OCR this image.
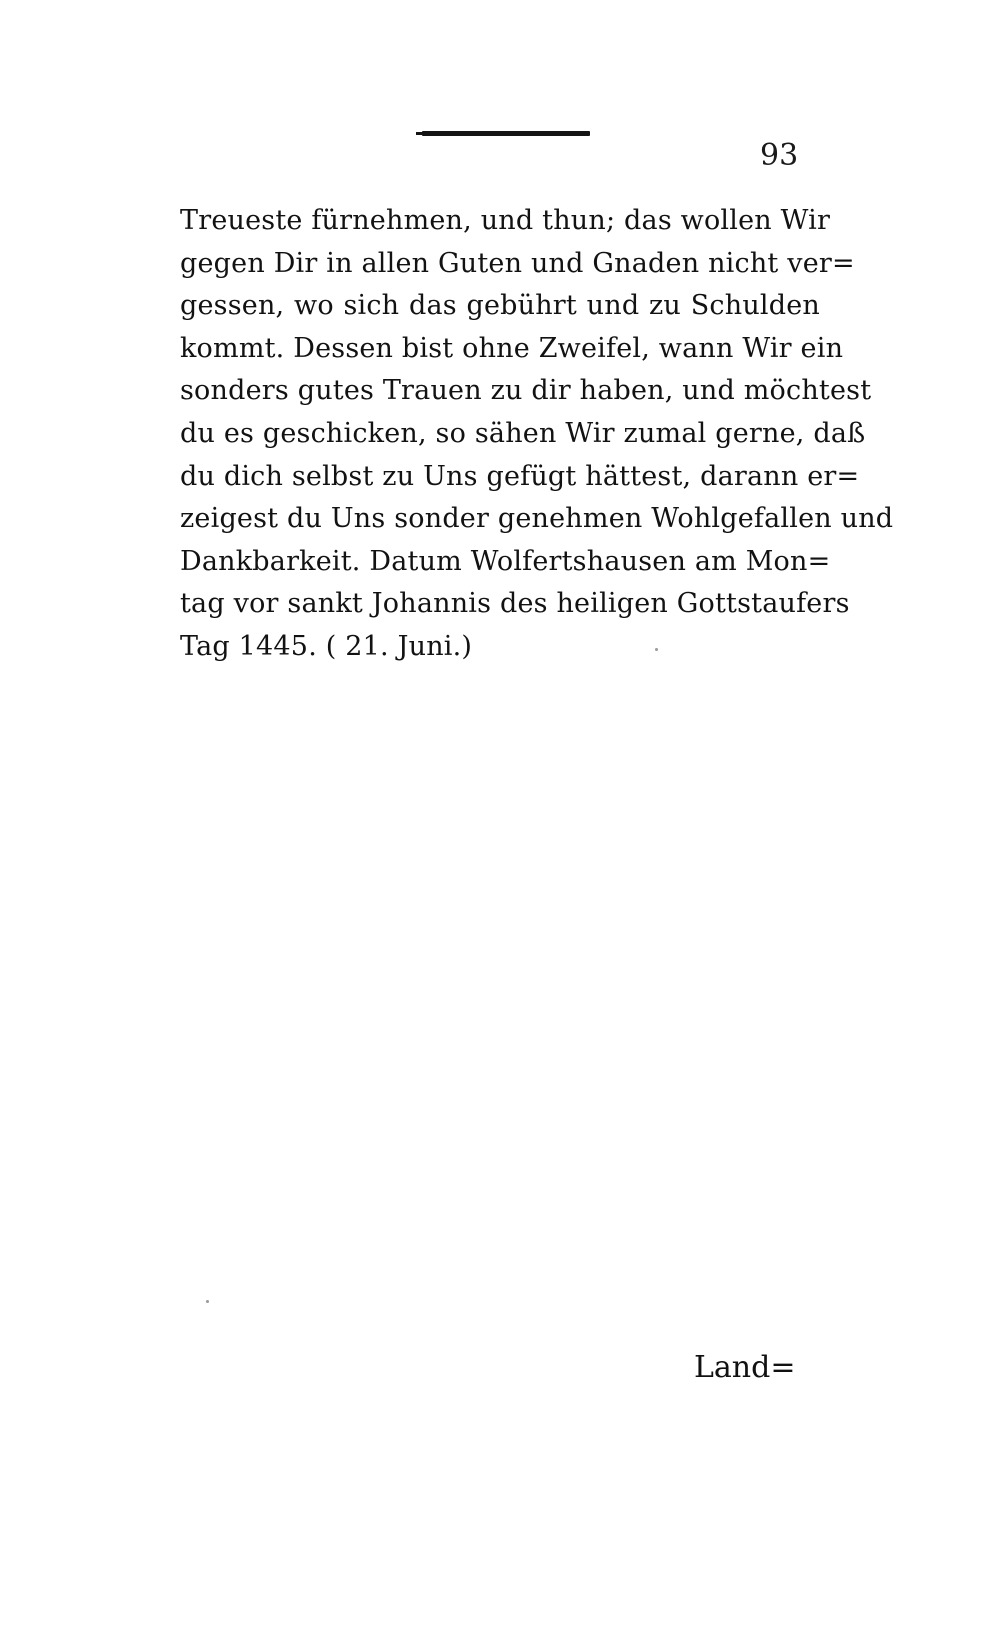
93
Treueste fürnehmen, und thun; das wollen Wir
gegen Dir in allen Guten und Gnaden nicht ver=
gessen, wo sich das gebührt und zu Schulden
kommt. Dessen bist ohne Zweifel, wann Wir ein
sonders gutes Trauen zu dir haben, und möchtest
du es geschicken, so sähen Wir zumal gerne, daß
du dich selbst zu Uns gefügt hättest, darann er=
zeigest du Uns sonder genehmen Wohlgefallen und
Dankbarkeit. Datum Wolfertshausen am Mon=
tag vor sankt Johannis des heiligen Gottstaufers
Tag 1445. ( 21. Juni.)
Land=
